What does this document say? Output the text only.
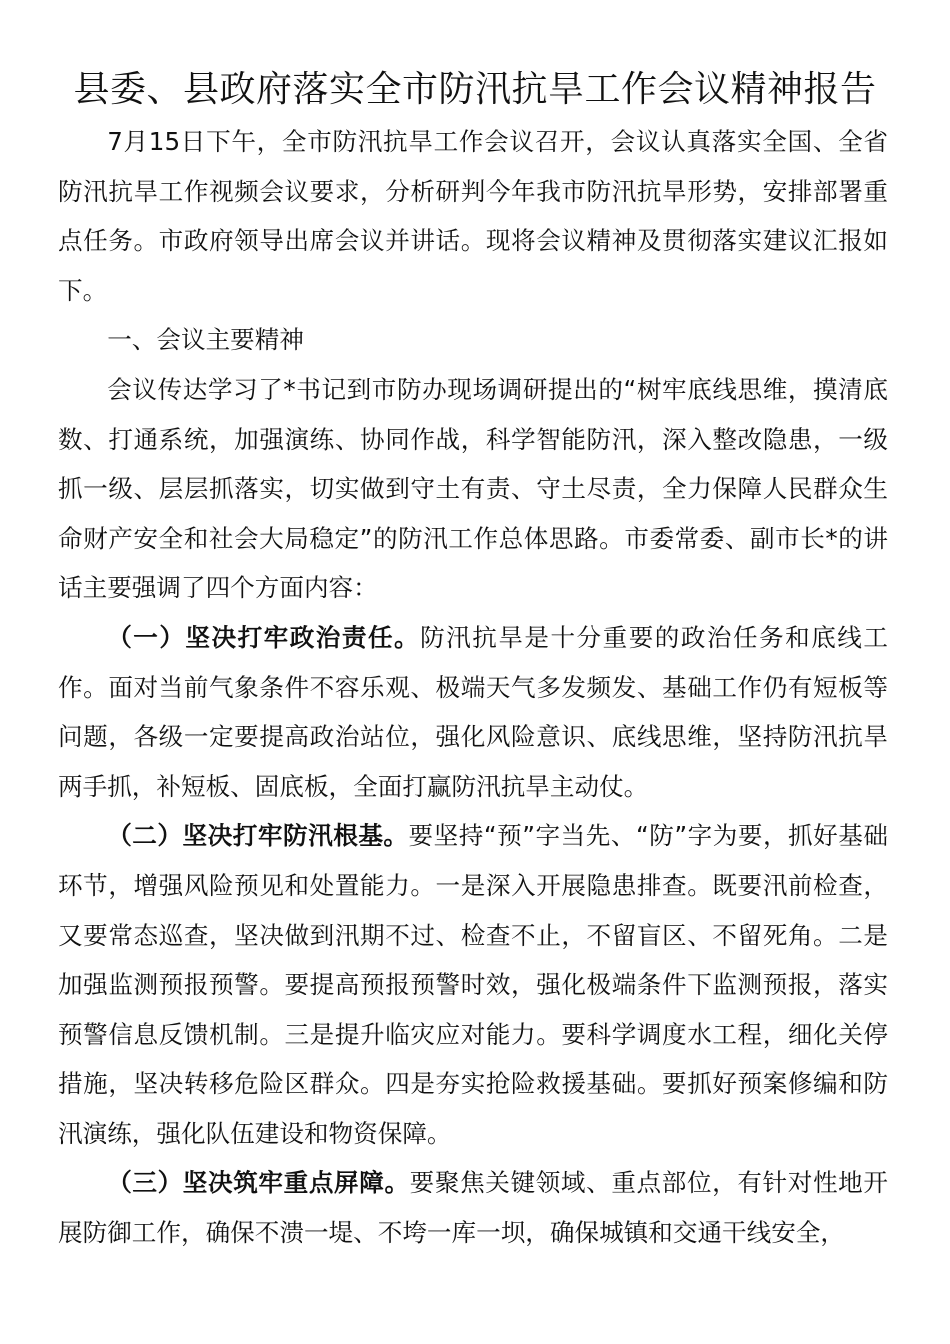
县委、县政府落实全市防汛抗旱工作会议精神报告

7月15日下午，全市防汛抗旱工作会议召开，会议认真落实全国、全省防汛抗旱工作视频会议要求，分析研判今年我市防汛抗旱形势，安排部署重点任务。市政府领导出席会议并讲话。现将会议精神及贯彻落实建议汇报如下。

一、会议主要精神

会议传达学习了*书记到市防办现场调研提出的“树牢底线思维，摸清底数、打通系统，加强演练、协同作战，科学智能防汛，深入整改隐患，一级抓一级、层层抓落实，切实做到守土有责、守土尽责，全力保障人民群众生命财产安全和社会大局稳定”的防汛工作总体思路。市委常委、副市长*的讲话主要强调了四个方面内容：

（一）坚决打牢政治责任。防汛抗旱是十分重要的政治任务和底线工作。面对当前气象条件不容乐观、极端天气多发频发、基础工作仍有短板等问题，各级一定要提高政治站位，强化风险意识、底线思维，坚持防汛抗旱两手抓，补短板、固底板，全面打赢防汛抗旱主动仗。

（二）坚决打牢防汛根基。要坚持“预”字当先、“防”字为要，抓好基础环节，增强风险预见和处置能力。一是深入开展隐患排查。既要汛前检查，又要常态巡查，坚决做到汛期不过、检查不止，不留盲区、不留死角。二是加强监测预报预警。要提高预报预警时效，强化极端条件下监测预报，落实预警信息反馈机制。三是提升临灾应对能力。要科学调度水工程，细化关停措施，坚决转移危险区群众。四是夯实抢险救援基础。要抓好预案修编和防汛演练，强化队伍建设和物资保障。

（三）坚决筑牢重点屏障。要聚焦关键领域、重点部位，有针对性地开展防御工作，确保不溃一堤、不垮一库一坝，确保城镇和交通干线安全，
